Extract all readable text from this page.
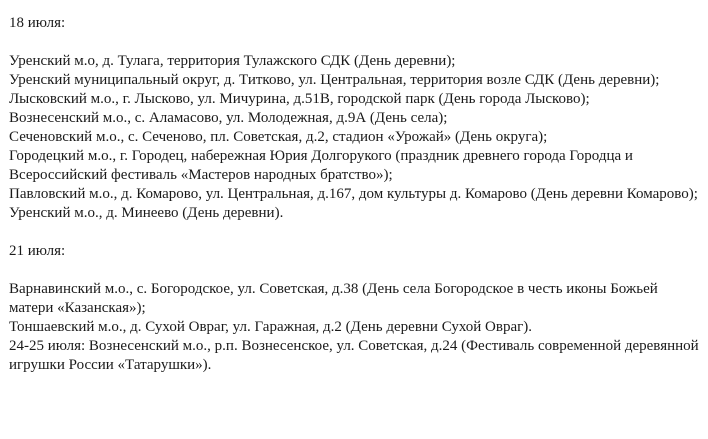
18 июля:
Уренский м.о, д. Тулага, территория Тулажского СДК (День деревни);
Уренский муниципальный округ, д. Титково, ул. Центральная, территория возле СДК (День деревни);
Лысковский м.о., г. Лысково, ул. Мичурина, д.51В, городской парк (День города Лысково);
Вознесенский м.о., с. Аламасово, ул. Молодежная, д.9А (День села);
Сеченовский м.о., с. Сеченово, пл. Советская, д.2, стадион «Урожай» (День округа);
Городецкий м.о., г. Городец, набережная Юрия Долгорукого (праздник древнего города Городца и Всероссийский фестиваль «Мастеров народных братство»);
Павловский м.о., д. Комарово, ул. Центральная, д.167, дом культуры д. Комарово (День деревни Комарово);
Уренский м.о., д. Минеево (День деревни).
21 июля:
Варнавинский м.о., с. Богородское, ул. Советская, д.38 (День села Богородское в честь иконы Божьей матери «Казанская»);
Тоншаевский м.о., д. Сухой Овраг, ул. Гаражная, д.2 (День деревни Сухой Овраг).
24-25 июля: Вознесенский м.о., р.п. Вознесенское, ул. Советская, д.24 (Фестиваль современной деревянной игрушки России «Татарушки»).
